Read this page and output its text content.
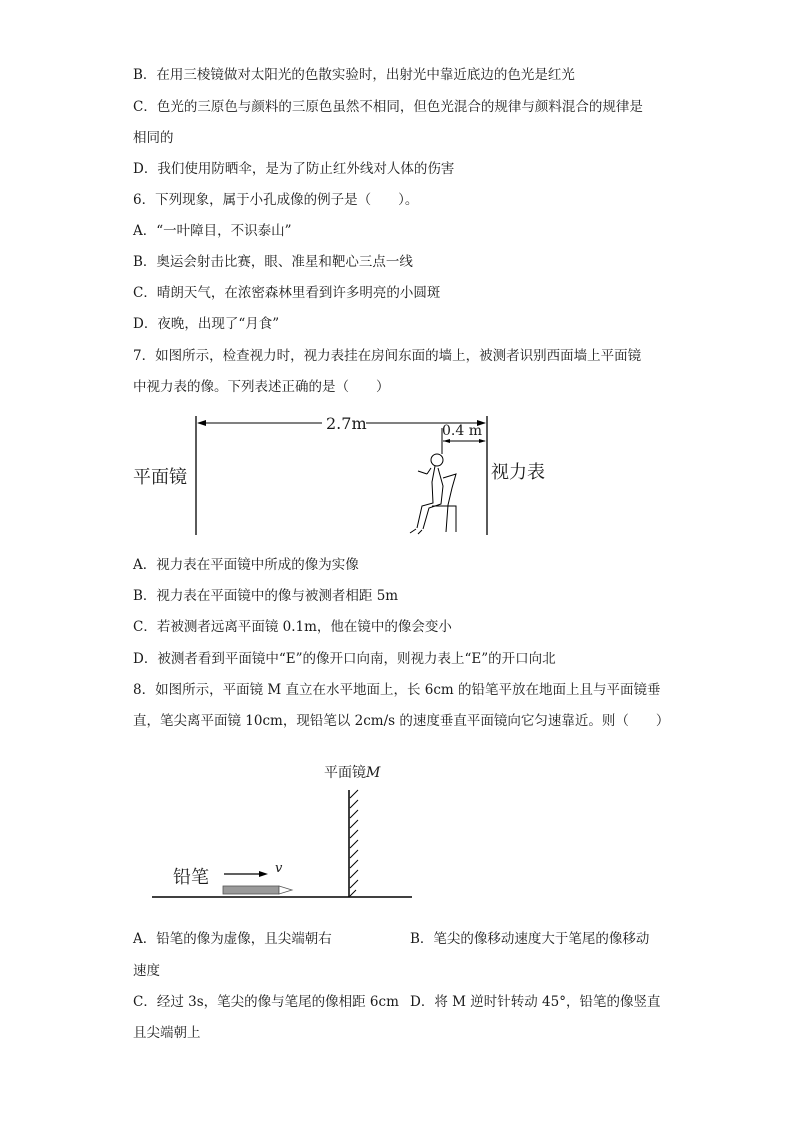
B．在用三棱镜做对太阳光的色散实验时，出射光中靠近底边的色光是红光
C．色光的三原色与颜料的三原色虽然不相同，但色光混合的规律与颜料混合的规律是
相同的
D．我们使用防晒伞，是为了防止红外线对人体的伤害
6．下列现象，属于小孔成像的例子是（　　）。
A．“一叶障目，不识泰山”
B．奥运会射击比赛，眼、准星和靶心三点一线
C．晴朗天气，在浓密森林里看到许多明亮的小圆斑
D．夜晚，出现了“月食”
7．如图所示，检查视力时，视力表挂在房间东面的墙上，被测者识别西面墙上平面镜
中视力表的像。下列表述正确的是（　　）
平面镜	视力表
2.7m	0.4 m
A．视力表在平面镜中所成的像为实像
B．视力表在平面镜中的像与被测者相距 5m
C．若被测者远离平面镜 0.1m，他在镜中的像会变小
D．被测者看到平面镜中“E”的像开口向南，则视力表上“E”的开口向北
8．如图所示，平面镜 M 直立在水平地面上，长 6cm 的铅笔平放在地面上且与平面镜垂
直，笔尖离平面镜 10cm，现铅笔以 2cm/s 的速度垂直平面镜向它匀速靠近。则（　　）
铅笔	v
平面镜M
A．铅笔的像为虚像，且尖端朝右	B．笔尖的像移动速度大于笔尾的像移动
速度
C．经过 3s，笔尖的像与笔尾的像相距 6cm D．将 M 逆时针转动 45°，铅笔的像竖直
且尖端朝上
